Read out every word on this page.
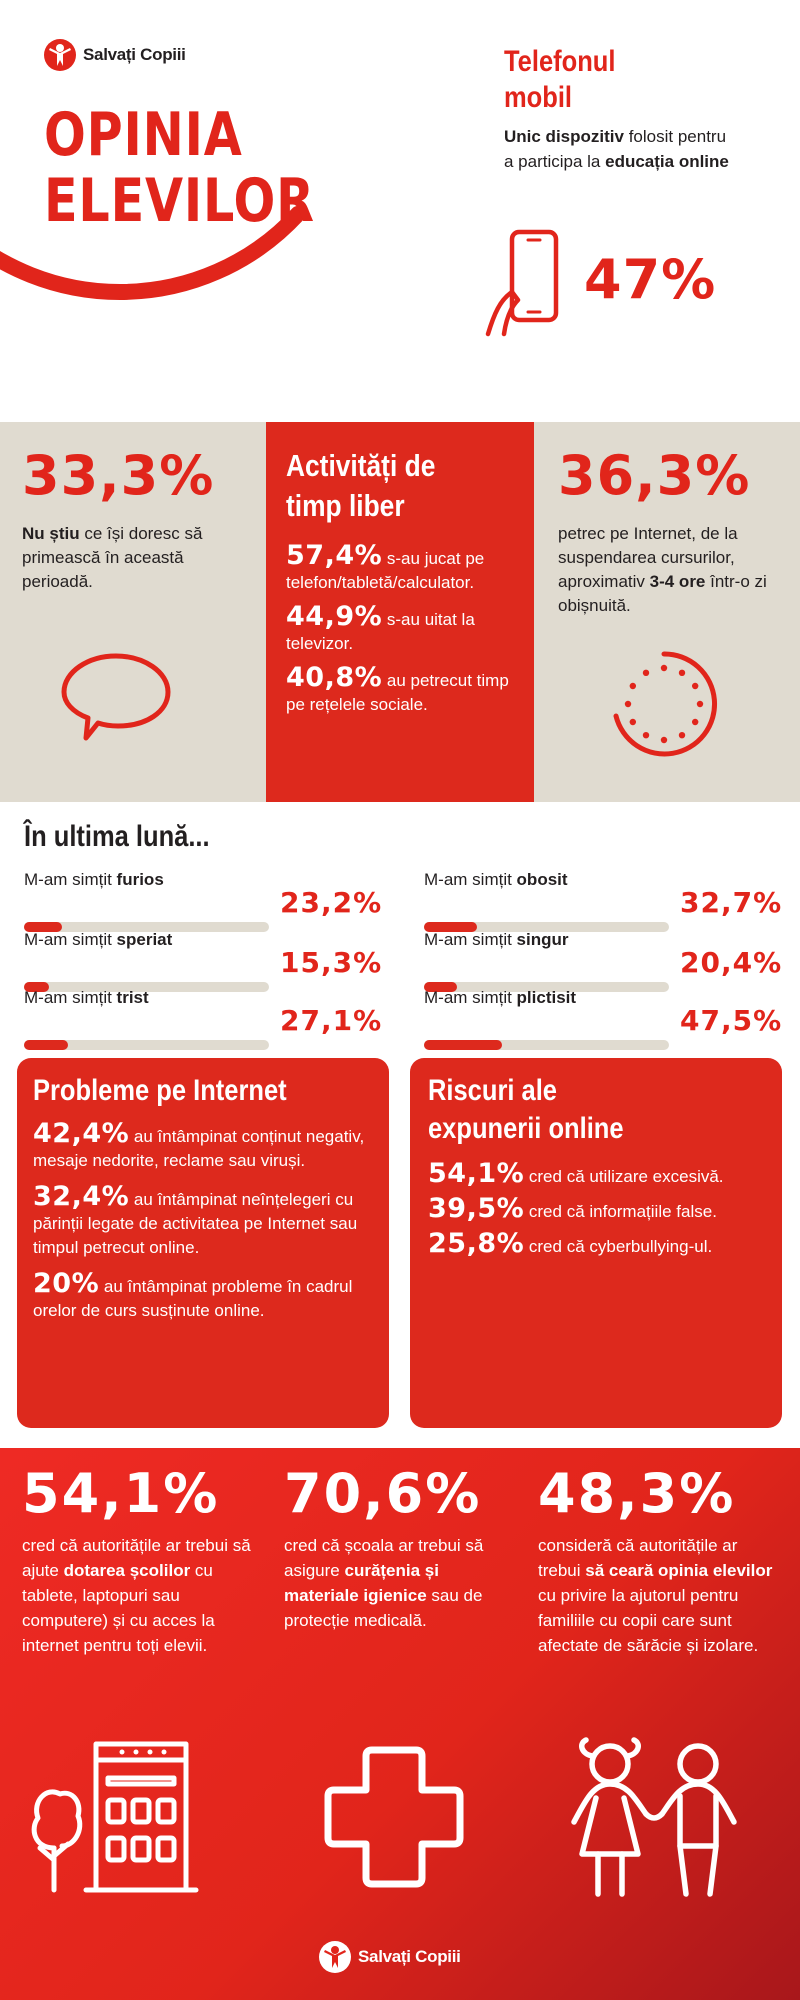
Salvați Copiii
OPINIA
ELEVILOR
Telefonul
mobil
Unic dispozitiv folosit pentru a participa la educația online
47%
33,3%
Nu știu ce își doresc să primească în această perioadă.
Activități de
timp liber
57,4% s-au jucat pe telefon/tabletă/calculator.
44,9% s-au uitat la televizor.
40,8% au petrecut timp pe rețelele sociale.
36,3%
petrec pe Internet, de la suspendarea cursurilor, aproximativ 3-4 ore într-o zi obișnuită.
În ultima lună...
M-am simțit furios
23,2%
M-am simțit obosit
32,7%
M-am simțit speriat
15,3%
M-am simțit singur
20,4%
M-am simțit trist
27,1%
M-am simțit plictisit
47,5%
Probleme pe Internet
42,4% au întâmpinat conținut negativ, mesaje nedorite, reclame sau viruși.
32,4% au întâmpinat neînțelegeri cu părinții legate de activitatea pe Internet sau timpul petrecut online.
20% au întâmpinat probleme în cadrul orelor de curs susținute online.
Riscuri ale
expunerii online
54,1% cred că utilizare excesivă.
39,5% cred că informațiile false.
25,8% cred că cyberbullying-ul.
54,1%
cred că autoritățile ar trebui să ajute dotarea școlilor cu tablete, laptopuri sau computere) și cu acces la internet pentru toți elevii.
70,6%
cred că școala ar trebui să asigure curățenia și materiale igienice sau de protecție medicală.
48,3%
consideră că autoritățile ar trebui să ceară opinia elevilor cu privire la ajutorul pentru familiile cu copii care sunt afectate de sărăcie și izolare.
Salvați Copiii
